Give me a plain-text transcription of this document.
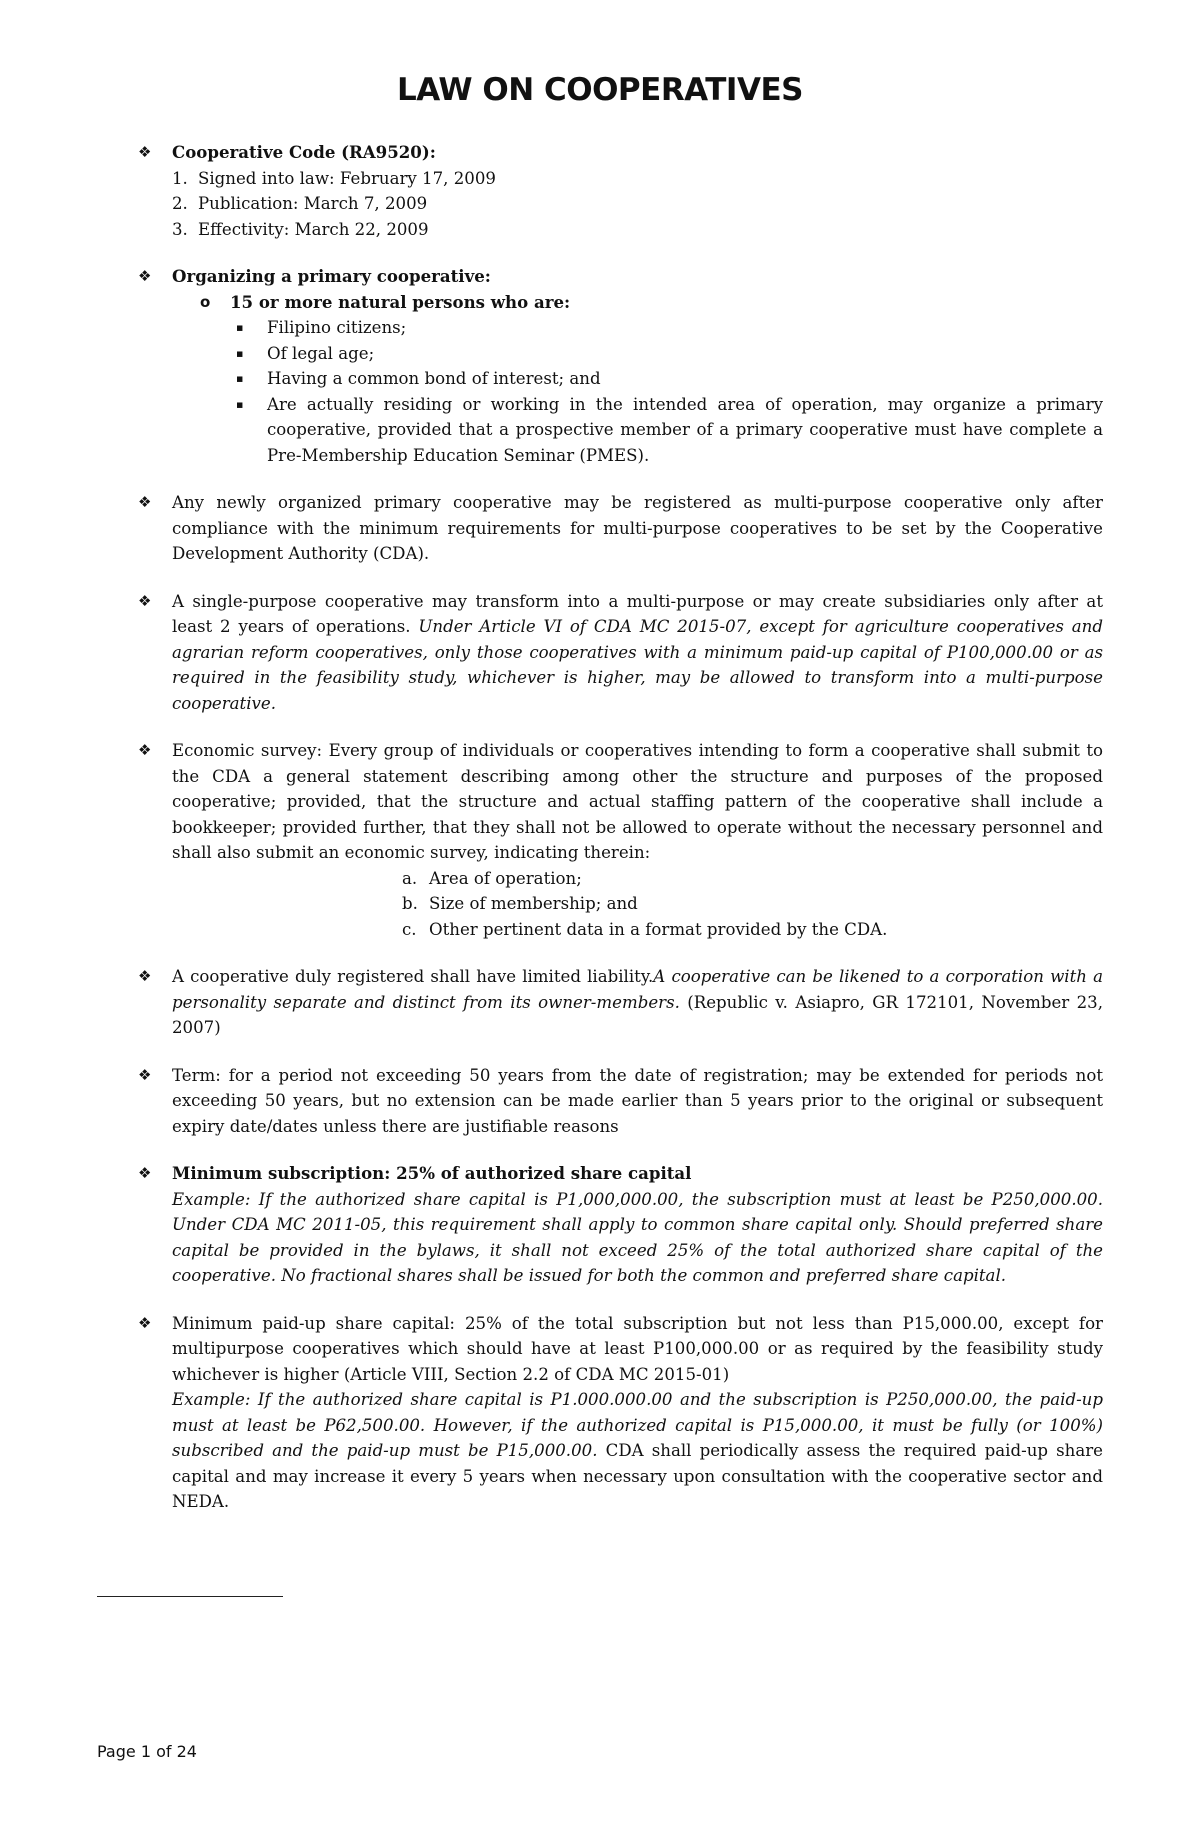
LAW ON COOPERATIVES
❖ Cooperative Code (RA9520):

1. Signed into law: February 17, 2009
2. Publication: March 7, 2009
3. Effectivity: March 22, 2009
❖ Organizing a primary cooperative:

o 15 or more natural persons who are:
▪ Filipino citizens;
▪ Of legal age;
▪ Having a common bond of interest; and
▪ Are actually residing or working in the intended area of operation, may organize a primary cooperative, provided that a prospective member of a primary cooperative must have complete a Pre-Membership Education Seminar (PMES).
❖ Any newly organized primary cooperative may be registered as multi-purpose cooperative only after compliance with the minimum requirements for multi-purpose cooperatives to be set by the Cooperative Development Authority (CDA).

❖ A single-purpose cooperative may transform into a multi-purpose or may create subsidiaries only after at least 2 years of operations. Under Article VI of CDA MC 2015-07, except for agriculture cooperatives and agrarian reform cooperatives, only those cooperatives with a minimum paid-up capital of P100,000.00 or as required in the feasibility study, whichever is higher, may be allowed to transform into a multi-purpose cooperative.

❖ Economic survey: Every group of individuals or cooperatives intending to form a cooperative shall submit to the CDA a general statement describing among other the structure and purposes of the proposed cooperative; provided, that the structure and actual staffing pattern of the cooperative shall include a bookkeeper; provided further, that they shall not be allowed to operate without the necessary personnel and shall also submit an economic survey, indicating therein:

a. Area of operation;
b. Size of membership; and
c. Other pertinent data in a format provided by the CDA.
❖ A cooperative duly registered shall have limited liability.A cooperative can be likened to a corporation with a personality separate and distinct from its owner-members. (Republic v. Asiapro, GR 172101, November 23, 2007)

❖ Term: for a period not exceeding 50 years from the date of registration; may be extended for periods not exceeding 50 years, but no extension can be made earlier than 5 years prior to the original or subsequent expiry date/dates unless there are justifiable reasons

❖ Minimum subscription: 25% of authorized share capital

Example: If the authorized share capital is P1,000,000.00, the subscription must at least be P250,000.00. Under CDA MC 2011-05, this requirement shall apply to common share capital only. Should preferred share capital be provided in the bylaws, it shall not exceed 25% of the total authorized share capital of the cooperative. No fractional shares shall be issued for both the common and preferred share capital.

❖ Minimum paid-up share capital: 25% of the total subscription but not less than P15,000.00, except for multipurpose cooperatives which should have at least P100,000.00 or as required by the feasibility study whichever is higher (Article VIII, Section 2.2 of CDA MC 2015-01)

Example: If the authorized share capital is P1.000.000.00 and the subscription is P250,000.00, the paid-up must at least be P62,500.00. However, if the authorized capital is P15,000.00, it must be fully (or 100%) subscribed and the paid-up must be P15,000.00. CDA shall periodically assess the required paid-up share capital and may increase it every 5 years when necessary upon consultation with the cooperative sector and NEDA.

Page 1 of 24
